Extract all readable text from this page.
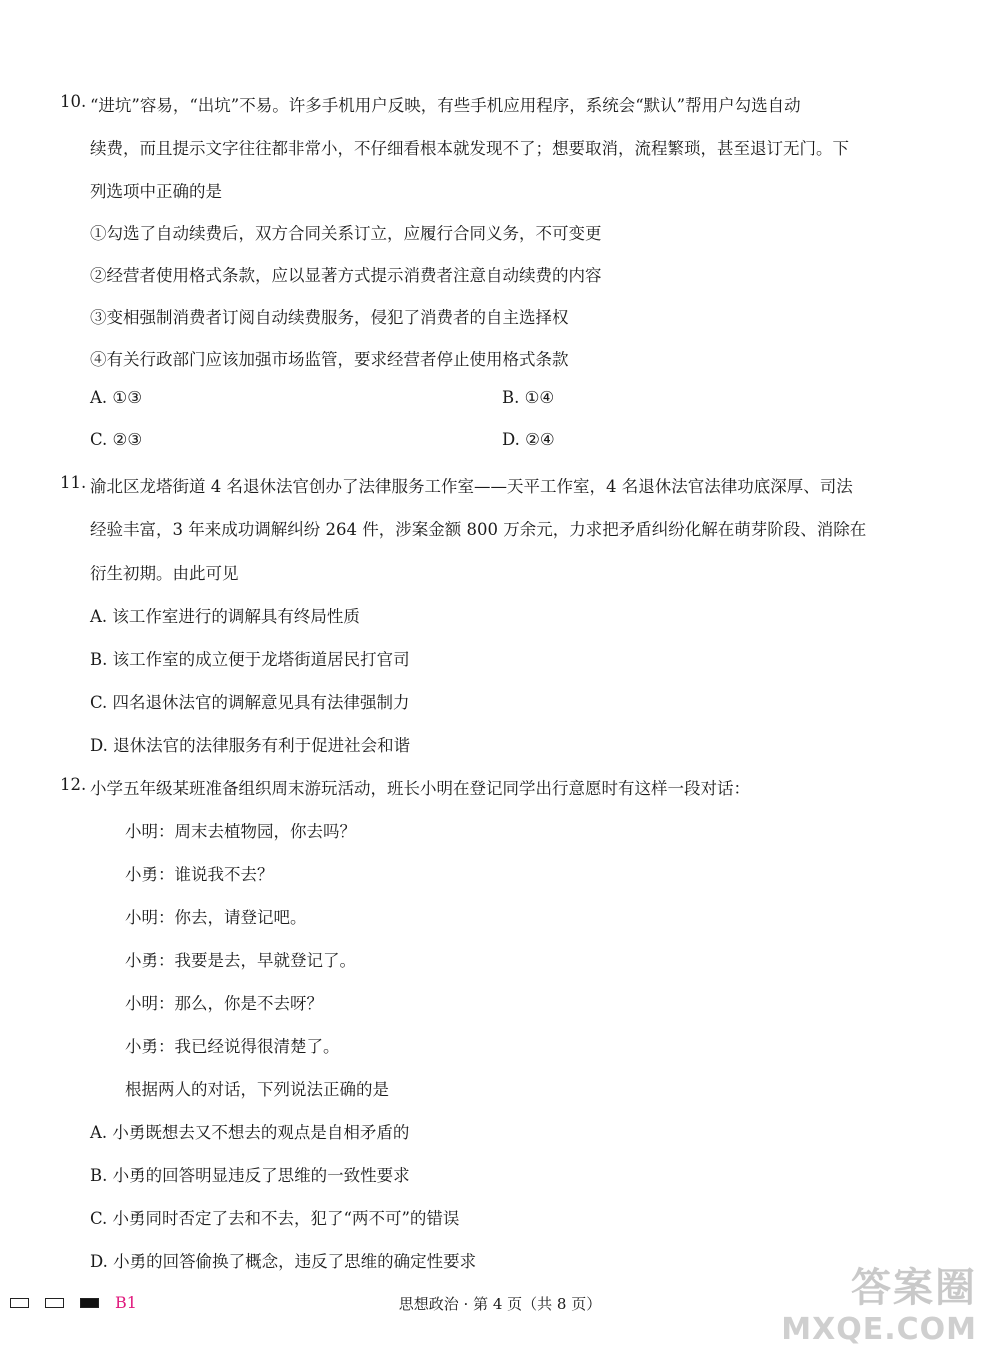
10. “进坑”容易，“出坑”不易。许多手机用户反映，有些手机应用程序，系统会“默认”帮用户勾选自动
续费，而且提示文字往往都非常小，不仔细看根本就发现不了；想要取消，流程繁琐，甚至退订无门。下
列选项中正确的是
①勾选了自动续费后，双方合同关系订立，应履行合同义务，不可变更
②经营者使用格式条款，应以显著方式提示消费者注意自动续费的内容
③变相强制消费者订阅自动续费服务，侵犯了消费者的自主选择权
④有关行政部门应该加强市场监管，要求经营者停止使用格式条款
A. ①③	B. ①④
C. ②③	D. ②④
11. 渝北区龙塔街道 4 名退休法官创办了法律服务工作室——天平工作室，4 名退休法官法律功底深厚、司法
经验丰富，3 年来成功调解纠纷 264 件，涉案金额 800 万余元，力求把矛盾纠纷化解在萌芽阶段、消除在
衍生初期。由此可见
A. 该工作室进行的调解具有终局性质
B. 该工作室的成立便于龙塔街道居民打官司
C. 四名退休法官的调解意见具有法律强制力
D. 退休法官的法律服务有利于促进社会和谐
12. 小学五年级某班准备组织周末游玩活动，班长小明在登记同学出行意愿时有这样一段对话：
小明：周末去植物园，你去吗？
小勇：谁说我不去？
小明：你去，请登记吧。
小勇：我要是去，早就登记了。
小明：那么，你是不去呀？
小勇：我已经说得很清楚了。
根据两人的对话，下列说法正确的是
A. 小勇既想去又不想去的观点是自相矛盾的
B. 小勇的回答明显违反了思维的一致性要求
C. 小勇同时否定了去和不去，犯了“两不可”的错误
D. 小勇的回答偷换了概念，违反了思维的确定性要求
B1	思想政治 · 第 4 页（共 8 页）	答案圈
MXQE.COM
